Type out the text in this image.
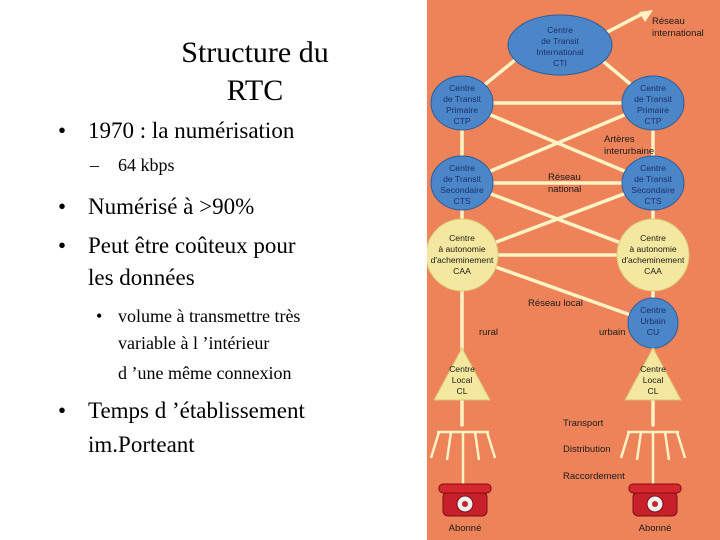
Structure du
RTC
• 1970 : la numérisation
– 64 kbps
• Numérisé à >90%
• Peut être coûteux pour
les données
• volume à transmettre très
variable à l ’intérieur
d ’une même connexion
• Temps d ’établissement
im.Porteant
Centre
de Transit
International
CTI
Centre
de Transit
Primaire
CTP
Centre
de Transit
Primaire
CTP
Centre
de Transit
Secondaire
CTS
Centre
de Transit
Secondaire
CTS
Centre
à autonomie
d'acheminement
CAA
Centre
à autonomie
d'acheminement
CAA
Centre
Urbain
CU
Centre
Local
CL
Centre
Local
CL
Réseau
international
Artères
interurbaine
Réseau
national
Réseau local
rural	urbain
Transport
Distribution
Raccordement
Abonné	Abonné
